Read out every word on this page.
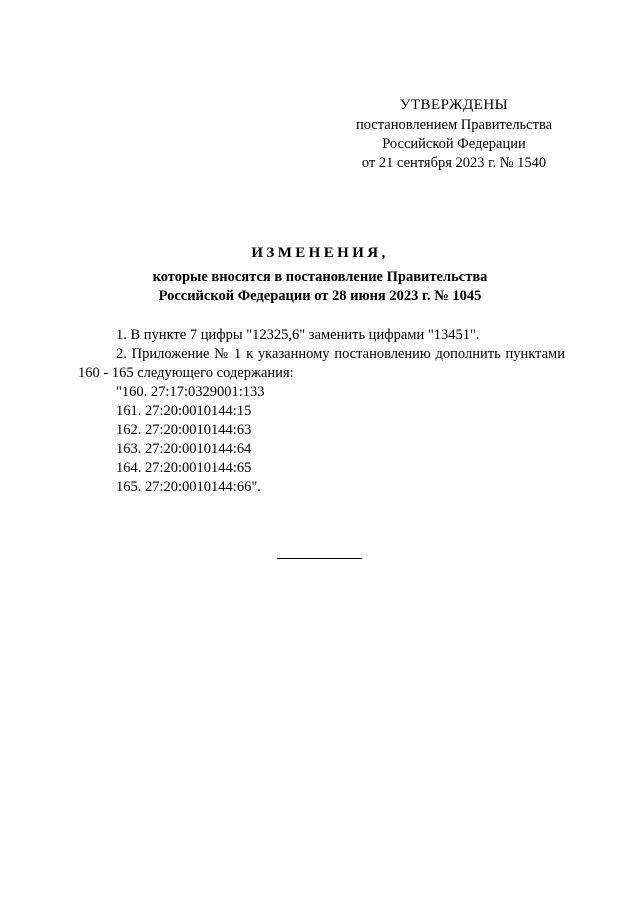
УТВЕРЖДЕНЫ
постановлением Правительства
Российской Федерации
от 21 сентября 2023 г. № 1540
ИЗМЕНЕНИЯ,
которые вносятся в постановление Правительства
Российской Федерации от 28 июня 2023 г. № 1045

1. В пункте 7 цифры "12325,6" заменить цифрами "13451".

2. Приложение № 1 к указанному постановлению дополнить пунктами 160 - 165 следующего содержания:

"160. 27:17:0329001:133

161. 27:20:0010144:15

162. 27:20:0010144:63

163. 27:20:0010144:64

164. 27:20:0010144:65

165. 27:20:0010144:66".
